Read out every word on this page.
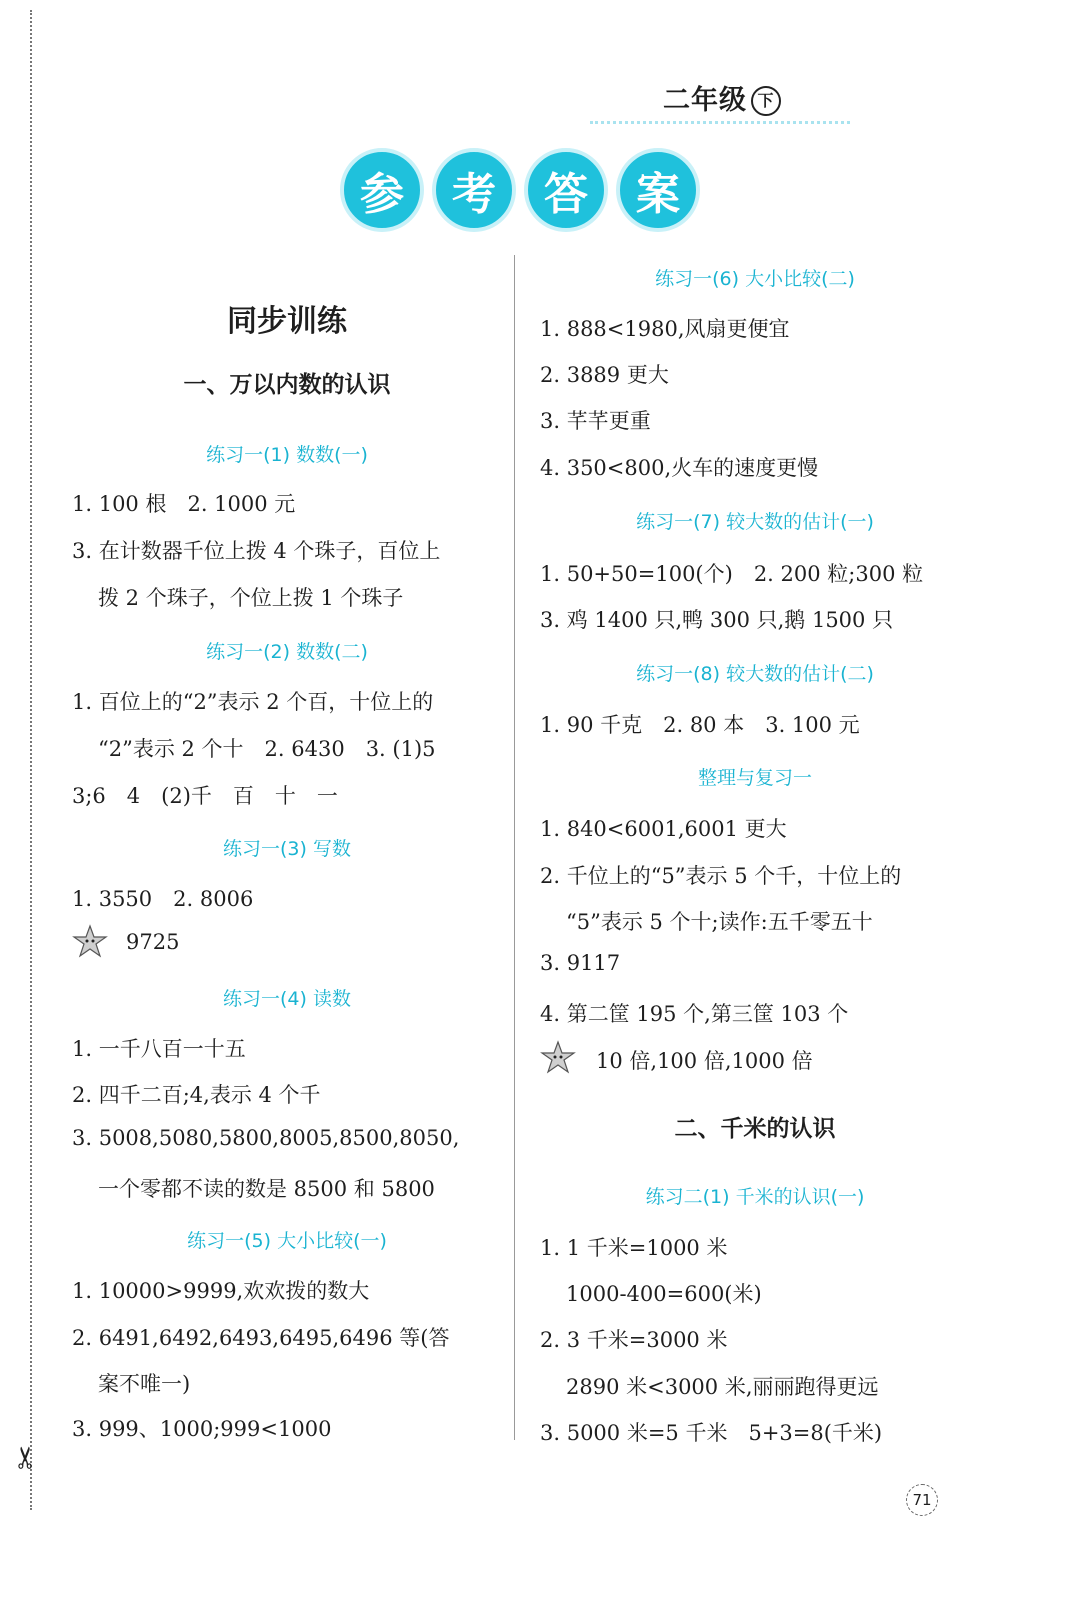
✂
二年级 下
参	考	答	案
同步训练
一、万以内数的认识
练习一(1) 数数(一)
1. 100 根　2. 1000 元
3. 在计数器千位上拨 4 个珠子，百位上
拨 2 个珠子，个位上拨 1 个珠子
练习一(2) 数数(二)
1. 百位上的“2”表示 2 个百，十位上的
“2”表示 2 个十　2. 6430　3. (1)5
3;6　4　(2)千　百　十　一
练习一(3) 写数
1. 3550　2. 8006
9725
练习一(4) 读数
1. 一千八百一十五
2. 四千二百;4,表示 4 个千
3. 5008,5080,5800,8005,8500,8050,
一个零都不读的数是 8500 和 5800
练习一(5) 大小比较(一)
1. 10000>9999,欢欢拨的数大
2. 6491,6492,6493,6495,6496 等(答
案不唯一)
3. 999、1000;999<1000
练习一(6) 大小比较(二)
1. 888<1980,风扇更便宜
2. 3889 更大
3. 芊芊更重
4. 350<800,火车的速度更慢
练习一(7) 较大数的估计(一)
1. 50+50=100(个)　2. 200 粒;300 粒
3. 鸡 1400 只,鸭 300 只,鹅 1500 只
练习一(8) 较大数的估计(二)
1. 90 千克　2. 80 本　3. 100 元
整理与复习一
1. 840<6001,6001 更大
2. 千位上的“5”表示 5 个千，十位上的
“5”表示 5 个十;读作:五千零五十
3. 9117
4. 第二筐 195 个,第三筐 103 个
10 倍,100 倍,1000 倍
二、千米的认识
练习二(1) 千米的认识(一)
1. 1 千米=1000 米
1000-400=600(米)
2. 3 千米=3000 米
2890 米<3000 米,丽丽跑得更远
3. 5000 米=5 千米　5+3=8(千米)
71
